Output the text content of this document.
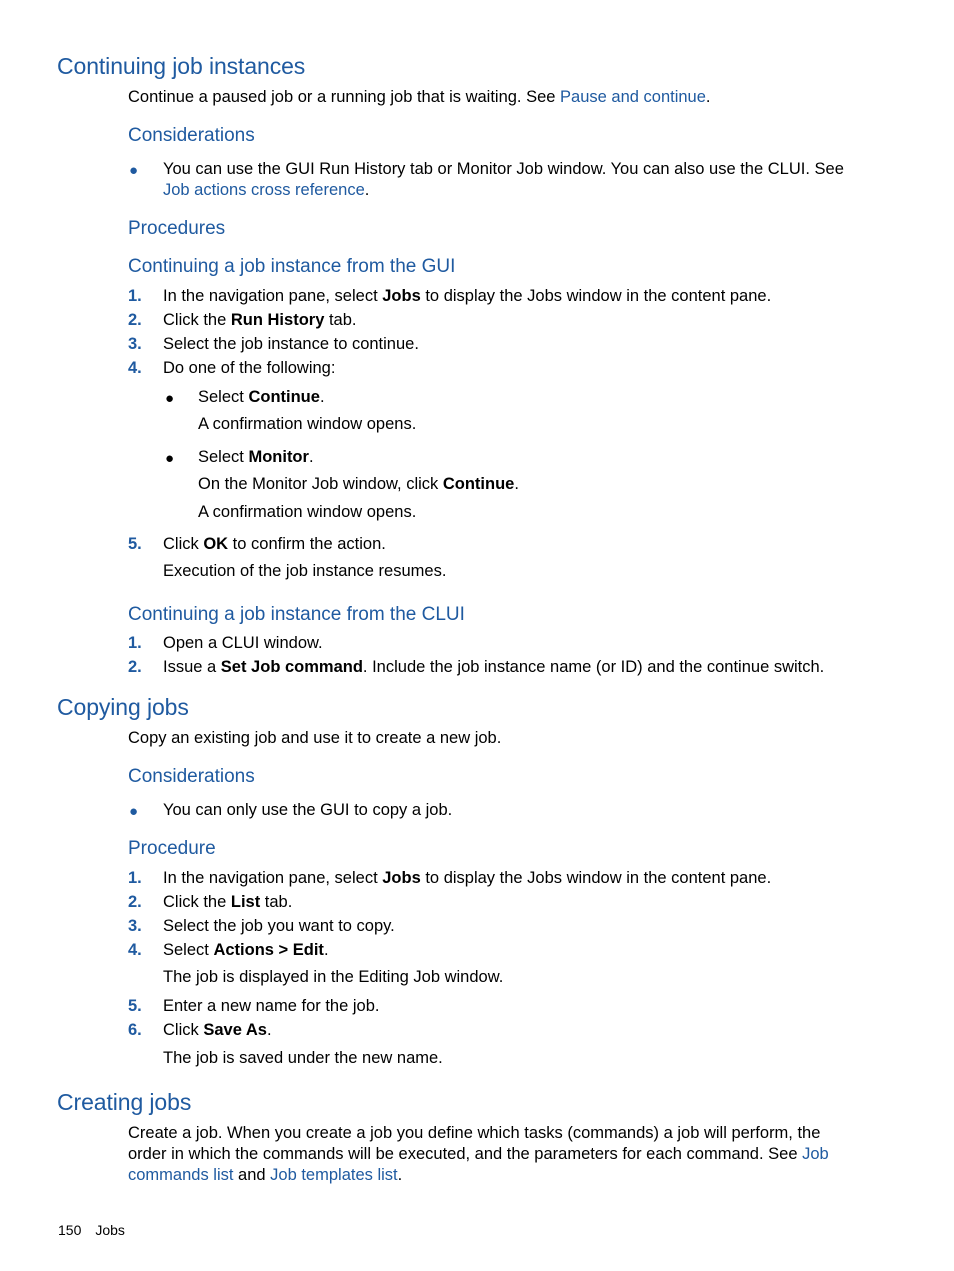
Continuing job instances

Continue a paused job or a running job that is waiting. See Pause and continue.

Considerations
● You can use the GUI Run History tab or Monitor Job window. You can also use the CLUI. See
Job actions cross reference.

Procedures
Continuing a job instance from the GUI
1. In the navigation pane, select Jobs to display the Jobs window in the content pane.

2. Click the Run History tab.

3. Select the job instance to continue.

4. Do one of the following:

● Select Continue.

A confirmation window opens.

● Select Monitor.

On the Monitor Job window, click Continue.

A confirmation window opens.

5. Click OK to confirm the action.

Execution of the job instance resumes.

Continuing a job instance from the CLUI
1. Open a CLUI window.

2. Issue a Set Job command. Include the job instance name (or ID) and the continue switch.

Copying jobs

Copy an existing job and use it to create a new job.

Considerations
● You can only use the GUI to copy a job.

Procedure
1. In the navigation pane, select Jobs to display the Jobs window in the content pane.

2. Click the List tab.

3. Select the job you want to copy.

4. Select Actions > Edit.

The job is displayed in the Editing Job window.

5. Enter a new name for the job.

6. Click Save As.

The job is saved under the new name.

Creating jobs

Create a job. When you create a job you define which tasks (commands) a job will perform, the
order in which the commands will be executed, and the parameters for each command. See Job
commands list and Job templates list.

150 Jobs
